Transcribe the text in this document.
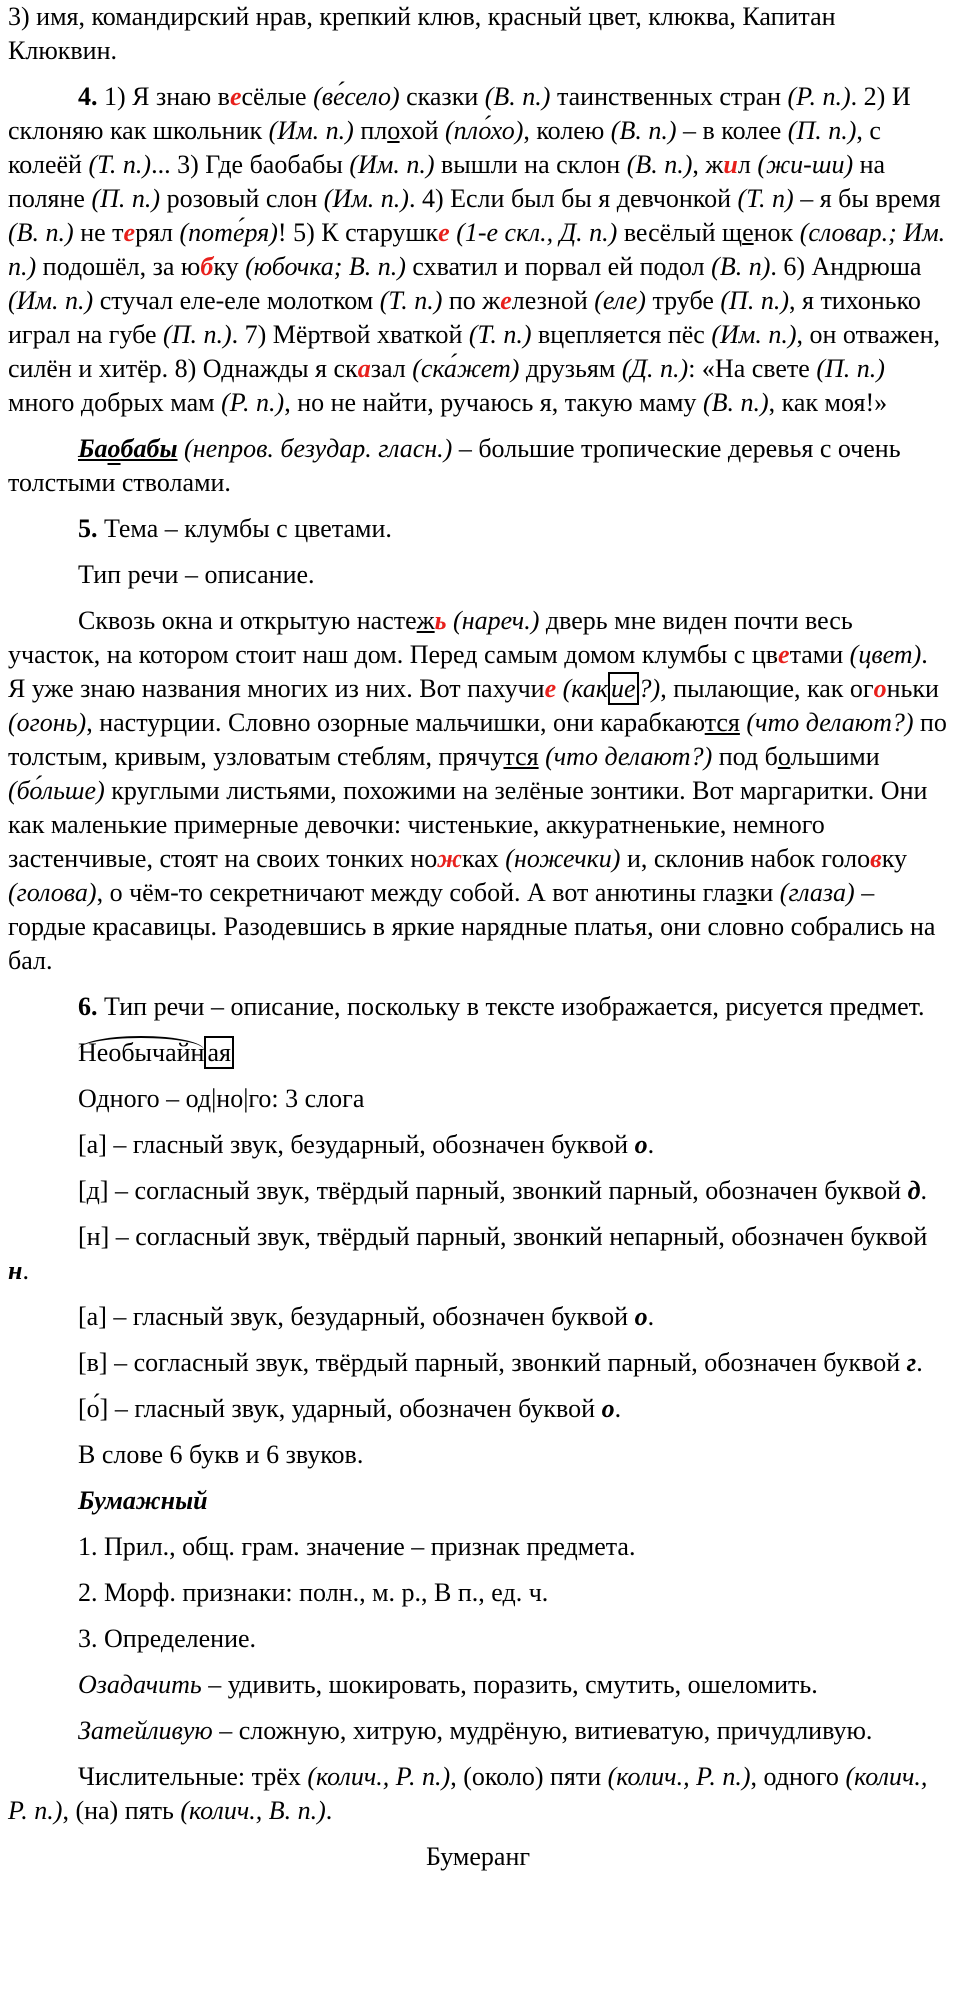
3) имя, командирский нрав, крепкий клюв, красный цвет, клюква, Капитан Клюквин.

4. 1) Я знаю весёлые (ве́село) сказки (В. п.) таинственных стран (Р. п.). 2) И склоняю как школьник (Им. п.) плохой (пло́хо), колею (В. п.) – в колее (П. п.), с колеёй (Т. п.)... 3) Где баобабы (Им. п.) вышли на склон (В. п.), жил (жи-ши) на поляне (П. п.) розовый слон (Им. п.). 4) Если был бы я девчонкой (Т. п) – я бы время (В. п.) не терял (поте́ря)! 5) К старушке (1-е скл., Д. п.) весёлый щенок (словар.; Им. п.) подошёл, за юбку (юбочка; В. п.) схватил и порвал ей подол (В. п). 6) Андрюша (Им. п.) стучал еле-еле молотком (Т. п.) по железной (еле) трубе (П. п.), я тихонько играл на губе (П. п.). 7) Мёртвой хваткой (Т. п.) вцепляется пёс (Им. п.), он отважен, силён и хитёр. 8) Однажды я сказал (ска́жет) друзьям (Д. п.): «На свете (П. п.) много добрых мам (Р. п.), но не найти, ручаюсь я, такую маму (В. п.), как моя!»

Баобабы (непров. безудар. гласн.) – большие тропические деревья с очень толстыми стволами.

5. Тема – клумбы с цветами.

Тип речи – описание.

Сквозь окна и открытую настежь (нареч.) дверь мне виден почти весь участок, на котором стоит наш дом. Перед самым домом клумбы с цветами (цвет). Я уже знаю названия многих из них. Вот пахучие (как ие ?), пылающие, как огоньки (огонь), настурции. Словно озорные мальчишки, они карабкаются (что делают?) по толстым, кривым, узловатым стеблям, прячутся (что делают?) под большими (бо́льше) круглыми листьями, похожими на зелёные зонтики. Вот маргаритки. Они как маленькие примерные девочки: чистенькие, аккуратненькие, немного застенчивые, стоят на своих тонких ножках (ножечки) и, склонив набок головку (голова), о чём-то секретничают между собой. А вот анютины глазки (глаза) – гордые красавицы. Разодевшись в яркие нарядные платья, они словно собрались на бал.

6. Тип речи – описание, поскольку в тексте изображается, рисуется предмет.

Необычайн ая
Одного – од|но|го: 3 слога

[а] – гласный звук, безударный, обозначен буквой о.

[д] – согласный звук, твёрдый парный, звонкий парный, обозначен буквой д.

[н] – согласный звук, твёрдый парный, звонкий непарный, обозначен буквой н.

[а] – гласный звук, безударный, обозначен буквой о.

[в] – согласный звук, твёрдый парный, звонкий парный, обозначен буквой г.

[о́] – гласный звук, ударный, обозначен буквой о.

В слове 6 букв и 6 звуков.
Бумажный
1. Прил., общ. грам. значение – признак предмета.
2. Морф. признаки: полн., м. р., В п., ед. ч.
3. Определение.
Озадачить – удивить, шокировать, поразить, смутить, ошеломить.
Затейливую – сложную, хитрую, мудрёную, витиеватую, причудливую.

Числительные: трёх (колич., Р. п.), (около) пяти (колич., Р. п.), одного (колич., Р. п.), (на) пять (колич., В. п.).

Бумеранг
